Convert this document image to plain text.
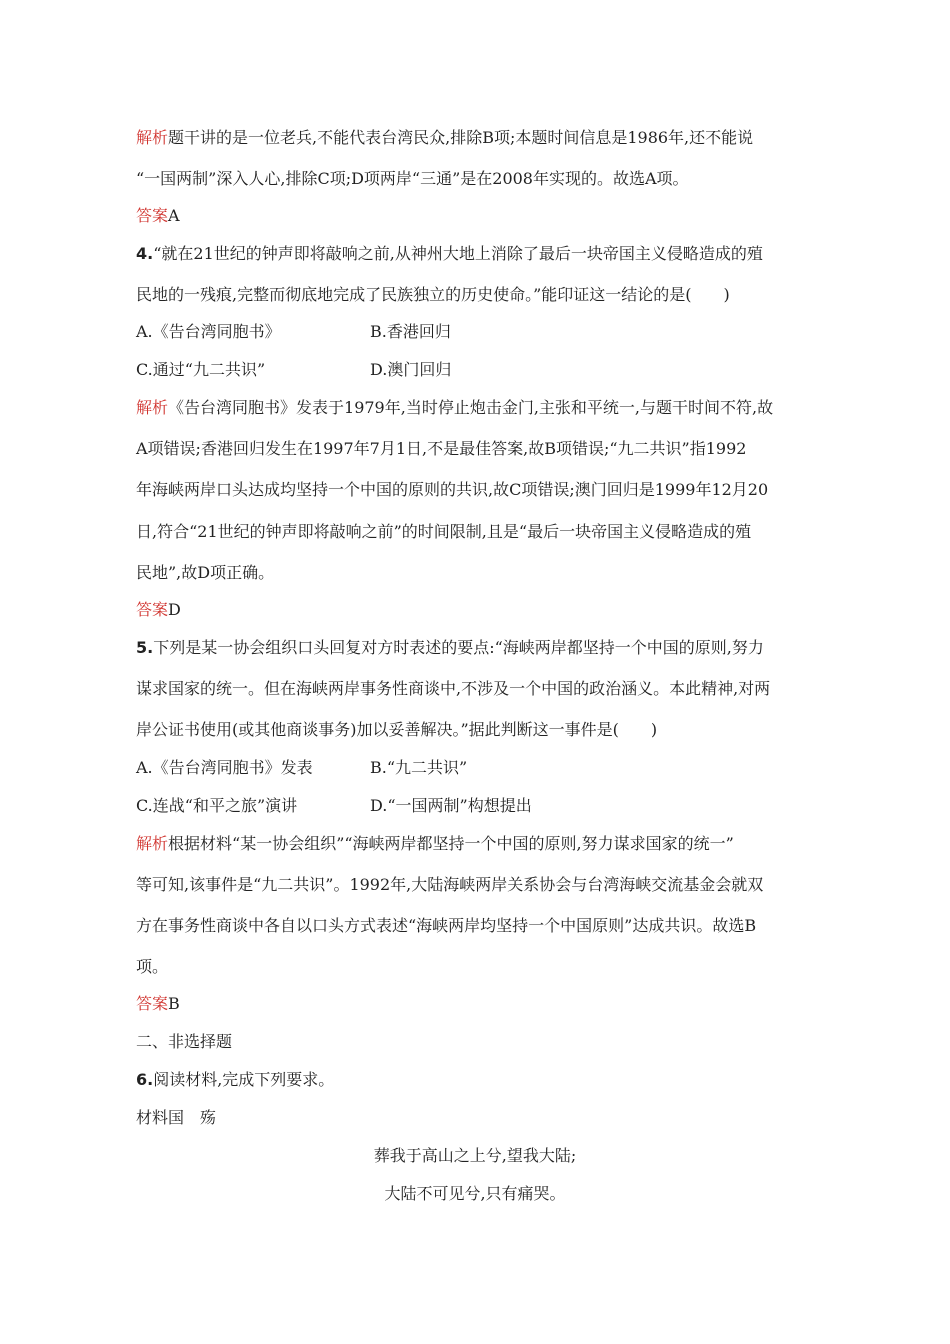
解析题干讲的是一位老兵,不能代表台湾民众,排除B项;本题时间信息是1986年,还不能说
“一国两制”深入人心,排除C项;D项两岸“三通”是在2008年实现的。故选A项。
答案A
4.“就在21世纪的钟声即将敲响之前,从神州大地上消除了最后一块帝国主义侵略造成的殖
民地的一残痕,完整而彻底地完成了民族独立的历史使命。”能印证这一结论的是(　　)
A.《告台湾同胞书》	B.香港回归
C.通过“九二共识”	D.澳门回归
解析《告台湾同胞书》发表于1979年,当时停止炮击金门,主张和平统一,与题干时间不符,故
A项错误;香港回归发生在1997年7月1日,不是最佳答案,故B项错误;“九二共识”指1992
年海峡两岸口头达成均坚持一个中国的原则的共识,故C项错误;澳门回归是1999年12月20
日,符合“21世纪的钟声即将敲响之前”的时间限制,且是“最后一块帝国主义侵略造成的殖
民地”,故D项正确。
答案D
5.下列是某一协会组织口头回复对方时表述的要点:“海峡两岸都坚持一个中国的原则,努力
谋求国家的统一。但在海峡两岸事务性商谈中,不涉及一个中国的政治涵义。本此精神,对两
岸公证书使用(或其他商谈事务)加以妥善解决。”据此判断这一事件是(　　)
A.《告台湾同胞书》发表	B.“九二共识”
C.连战“和平之旅”演讲	D.“一国两制”构想提出
解析根据材料“某一协会组织”“海峡两岸都坚持一个中国的原则,努力谋求国家的统一”
等可知,该事件是“九二共识”。1992年,大陆海峡两岸关系协会与台湾海峡交流基金会就双
方在事务性商谈中各自以口头方式表述“海峡两岸均坚持一个中国原则”达成共识。故选B
项。
答案B
二、非选择题
6.阅读材料,完成下列要求。
材料国　殇
葬我于高山之上兮,望我大陆;
大陆不可见兮,只有痛哭。
